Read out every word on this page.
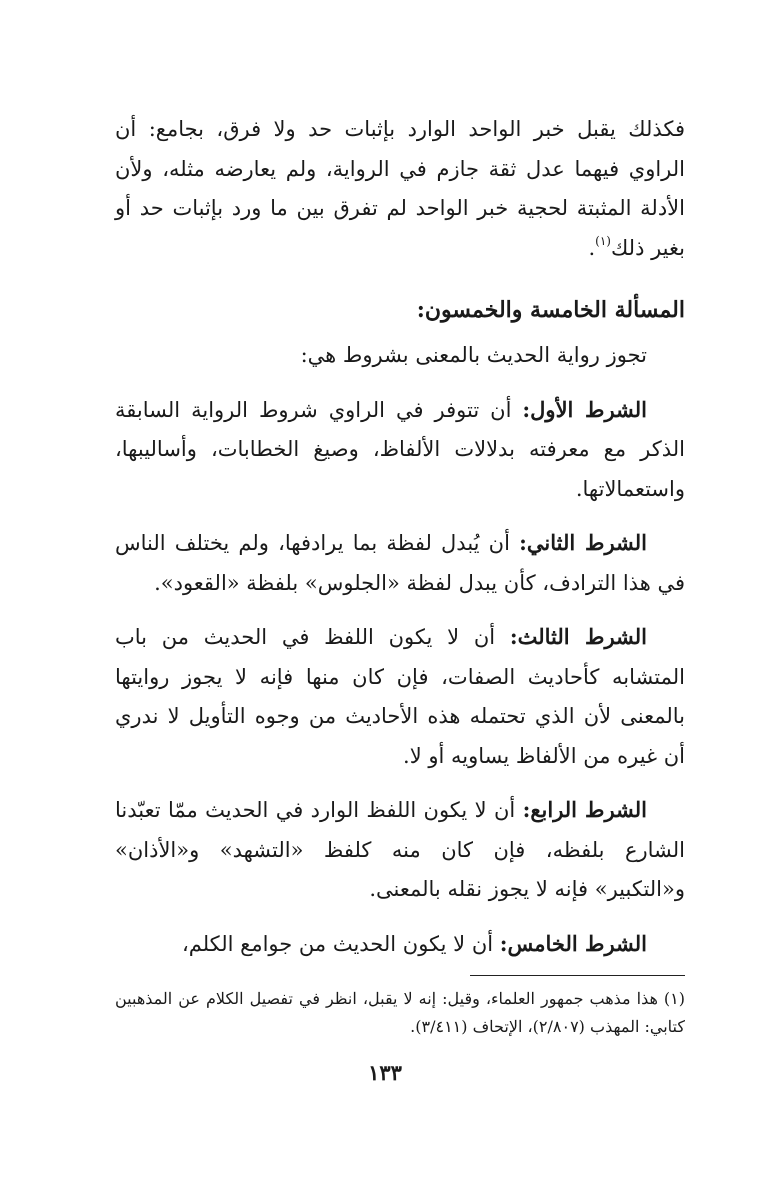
فكذلك يقبل خبر الواحد الوارد بإثبات حد ولا فرق، بجامع: أن الراوي فيهما عدل ثقة جازم في الرواية، ولم يعارضه مثله، ولأن الأدلة المثبتة لحجية خبر الواحد لم تفرق بين ما ورد بإثبات حد أو بغير ذلك$^{(١)}$.

المسألة الخامسة والخمسون:

تجوز رواية الحديث بالمعنى بشروط هي:

الشرط الأول: أن تتوفر في الراوي شروط الرواية السابقة الذكر مع معرفته بدلالات الألفاظ، وصيغ الخطابات، وأساليبها، واستعمالاتها.

الشرط الثاني: أن يُبدل لفظة بما يرادفها، ولم يختلف الناس في هذا الترادف، كأن يبدل لفظة «الجلوس» بلفظة «القعود».

الشرط الثالث: أن لا يكون اللفظ في الحديث من باب المتشابه كأحاديث الصفات، فإن كان منها فإنه لا يجوز روايتها بالمعنى لأن الذي تحتمله هذه الأحاديث من وجوه التأويل لا ندري أن غيره من الألفاظ يساويه أو لا.

الشرط الرابع: أن لا يكون اللفظ الوارد في الحديث ممّا تعبّدنا الشارع بلفظه، فإن كان منه كلفظ «التشهد» و«الأذان» و«التكبير» فإنه لا يجوز نقله بالمعنى.

الشرط الخامس: أن لا يكون الحديث من جوامع الكلم،

(١) هذا مذهب جمهور العلماء، وقيل: إنه لا يقبل، انظر في تفصيل الكلام عن المذهبين كتابي: المهذب (٢/٨٠٧)، الإتحاف (٣/٤١١).
١٣٣
